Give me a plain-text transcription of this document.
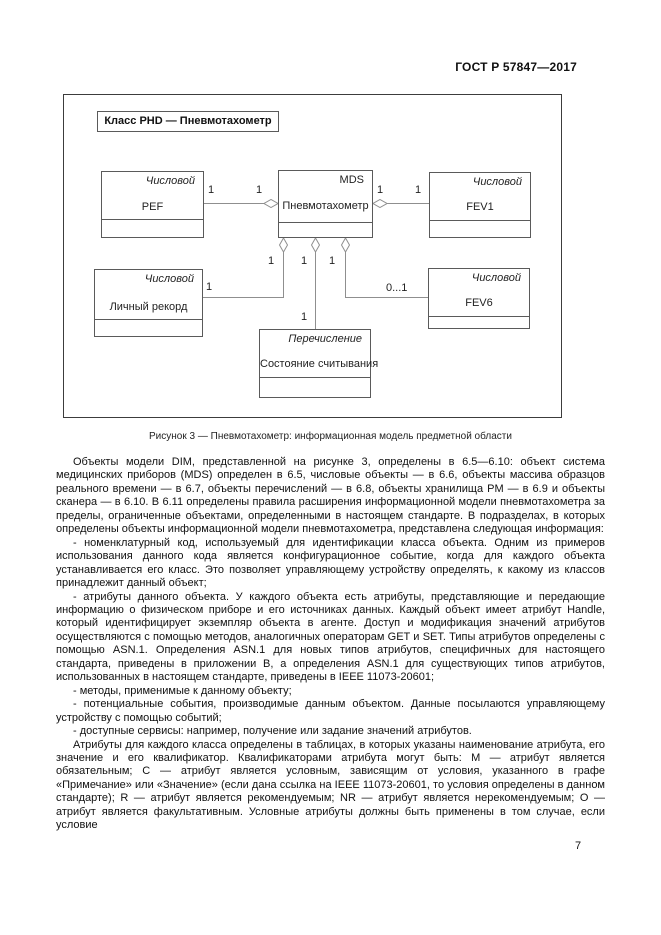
ГОСТ Р 57847—2017
Класс PHD — Пневмотахометр
Числовой
PEF
MDS
Пневмотахометр
Числовой
FEV1
Числовой
Личный рекорд
Числовой
FEV6
Перечисление
Состояние считывания
1	1	1	1
1
1
1
1
1
0...1
Рисунок 3 — Пневмотахометр: информационная модель предметной области

Объекты модели DIM, представленной на рисунке 3, определены в 6.5—6.10: объект система медицинских приборов (MDS) определен в 6.5, числовые объекты — в 6.6, объекты массива образцов реального времени — в 6.7, объекты перечислений — в 6.8, объекты хранилища PM — в 6.9 и объекты сканера — в 6.10. В 6.11 определены правила расширения информационной модели пневмотахометра за пределы, ограниченные объектами, определенными в настоящем стандарте. В подразделах, в которых определены объекты информационной модели пневмотахометра, представлена следующая информация:

- номенклатурный код, используемый для идентификации класса объекта. Одним из примеров использования данного кода является конфигурационное событие, когда для каждого объекта устанавливается его класс. Это позволяет управляющему устройству определять, к какому из классов принадлежит данный объект;

- атрибуты данного объекта. У каждого объекта есть атрибуты, представляющие и передающие информацию о физическом приборе и его источниках данных. Каждый объект имеет атрибут Handle, который идентифицирует экземпляр объекта в агенте. Доступ и модификация значений атрибутов осуществляются с помощью методов, аналогичных операторам GET и SET. Типы атрибутов определены с помощью ASN.1. Определения ASN.1 для новых типов атрибутов, специфичных для настоящего стандарта, приведены в приложении В, а определения ASN.1 для существующих типов атрибутов, использованных в настоящем стандарте, приведены в IEEE 11073-20601;

- методы, применимые к данному объекту;

- потенциальные события, производимые данным объектом. Данные посылаются управляющему устройству с помощью событий;

- доступные сервисы: например, получение или задание значений атрибутов.

Атрибуты для каждого класса определены в таблицах, в которых указаны наименование атрибута, его значение и его квалификатор. Квалификаторами атрибута могут быть: M — атрибут является обязательным; C — атрибут является условным, зависящим от условия, указанного в графе «Примечание» или «Значение» (если дана ссылка на IEEE 11073-20601, то условия определены в данном стандарте); R — атрибут является рекомендуемым; NR — атрибут является нерекомендуемым; O — атрибут является факультативным. Условные атрибуты должны быть применены в том случае, если условие

7
